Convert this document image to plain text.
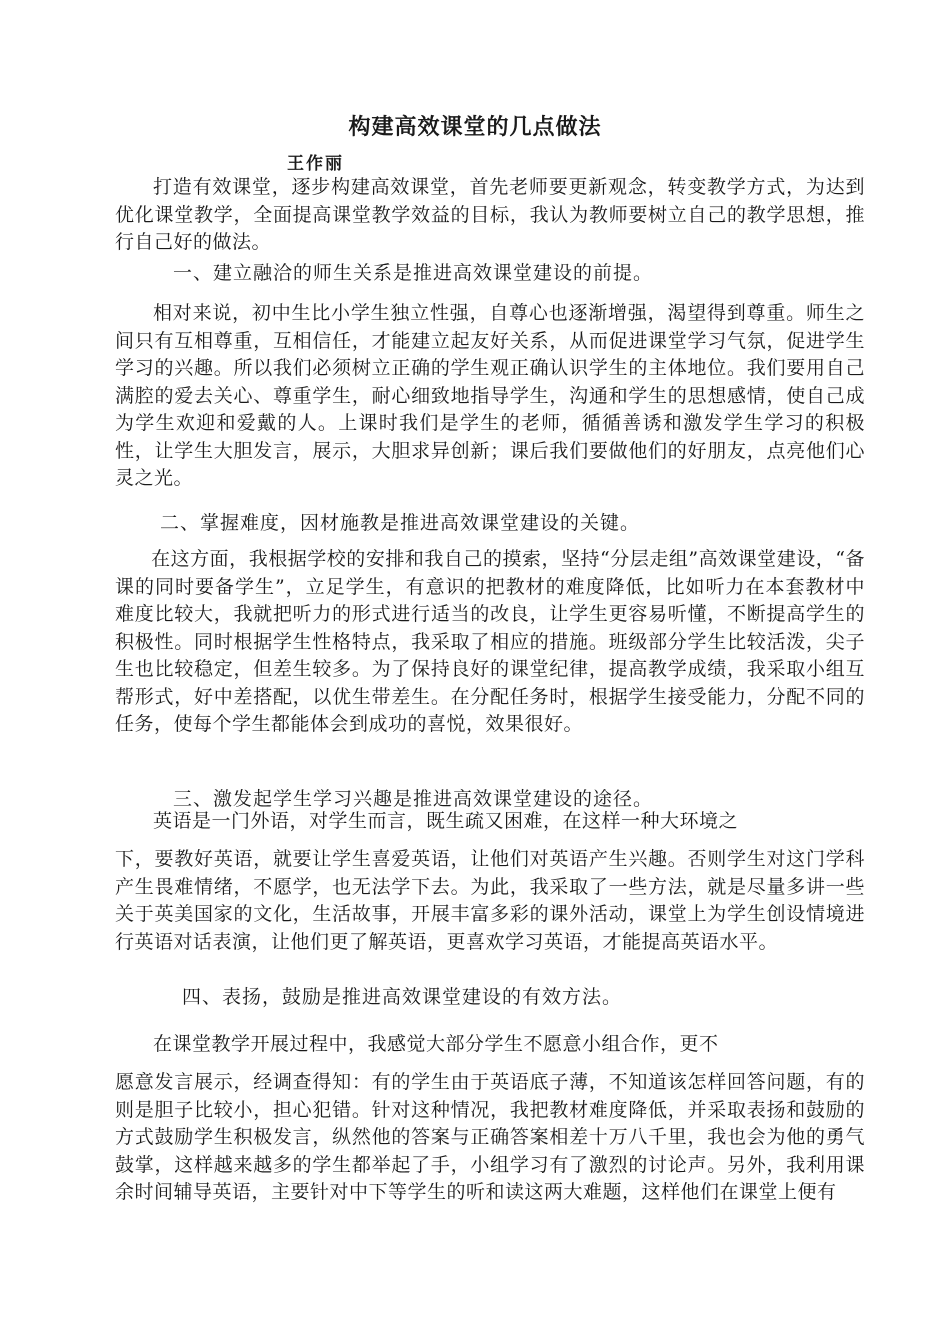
构建高效课堂的几点做法
王作丽
打造有效课堂，逐步构建高效课堂，首先老师要更新观念，转变教学方式，为达到优化课堂教学，全面提高课堂教学效益的目标，我认为教师要树立自己的教学思想，推行自己好的做法。
一、建立融洽的师生关系是推进高效课堂建设的前提。
相对来说，初中生比小学生独立性强，自尊心也逐渐增强，渴望得到尊重。师生之间只有互相尊重，互相信任，才能建立起友好关系，从而促进课堂学习气氛，促进学生学习的兴趣。所以我们必须树立正确的学生观正确认识学生的主体地位。我们要用自己满腔的爱去关心、尊重学生，耐心细致地指导学生，沟通和学生的思想感情，使自己成为学生欢迎和爱戴的人。上课时我们是学生的老师，循循善诱和激发学生学习的积极性，让学生大胆发言，展示，大胆求异创新；课后我们要做他们的好朋友，点亮他们心灵之光。
二、掌握难度，因材施教是推进高效课堂建设的关键。
在这方面，我根据学校的安排和我自己的摸索，坚持“分层走组”高效课堂建设，“备课的同时要备学生”，立足学生，有意识的把教材的难度降低，比如听力在本套教材中难度比较大，我就把听力的形式进行适当的改良，让学生更容易听懂，不断提高学生的积极性。同时根据学生性格特点，我采取了相应的措施。班级部分学生比较活泼，尖子生也比较稳定，但差生较多。为了保持良好的课堂纪律，提高教学成绩，我采取小组互帮形式，好中差搭配，以优生带差生。在分配任务时，根据学生接受能力，分配不同的任务，使每个学生都能体会到成功的喜悦，效果很好。
三、激发起学生学习兴趣是推进高效课堂建设的途径。
英语是一门外语，对学生而言，既生疏又困难，在这样一种大环境之
下，要教好英语，就要让学生喜爱英语，让他们对英语产生兴趣。否则学生对这门学科产生畏难情绪，不愿学，也无法学下去。为此，我采取了一些方法，就是尽量多讲一些关于英美国家的文化，生活故事，开展丰富多彩的课外活动，课堂上为学生创设情境进行英语对话表演，让他们更了解英语，更喜欢学习英语，才能提高英语水平。
四、表扬，鼓励是推进高效课堂建设的有效方法。
在课堂教学开展过程中，我感觉大部分学生不愿意小组合作，更不
愿意发言展示，经调查得知：有的学生由于英语底子薄，不知道该怎样回答问题，有的则是胆子比较小，担心犯错。针对这种情况，我把教材难度降低，并采取表扬和鼓励的方式鼓励学生积极发言，纵然他的答案与正确答案相差十万八千里，我也会为他的勇气鼓掌，这样越来越多的学生都举起了手，小组学习有了激烈的讨论声。另外，我利用课余时间辅导英语，主要针对中下等学生的听和读这两大难题，这样他们在课堂上便有
